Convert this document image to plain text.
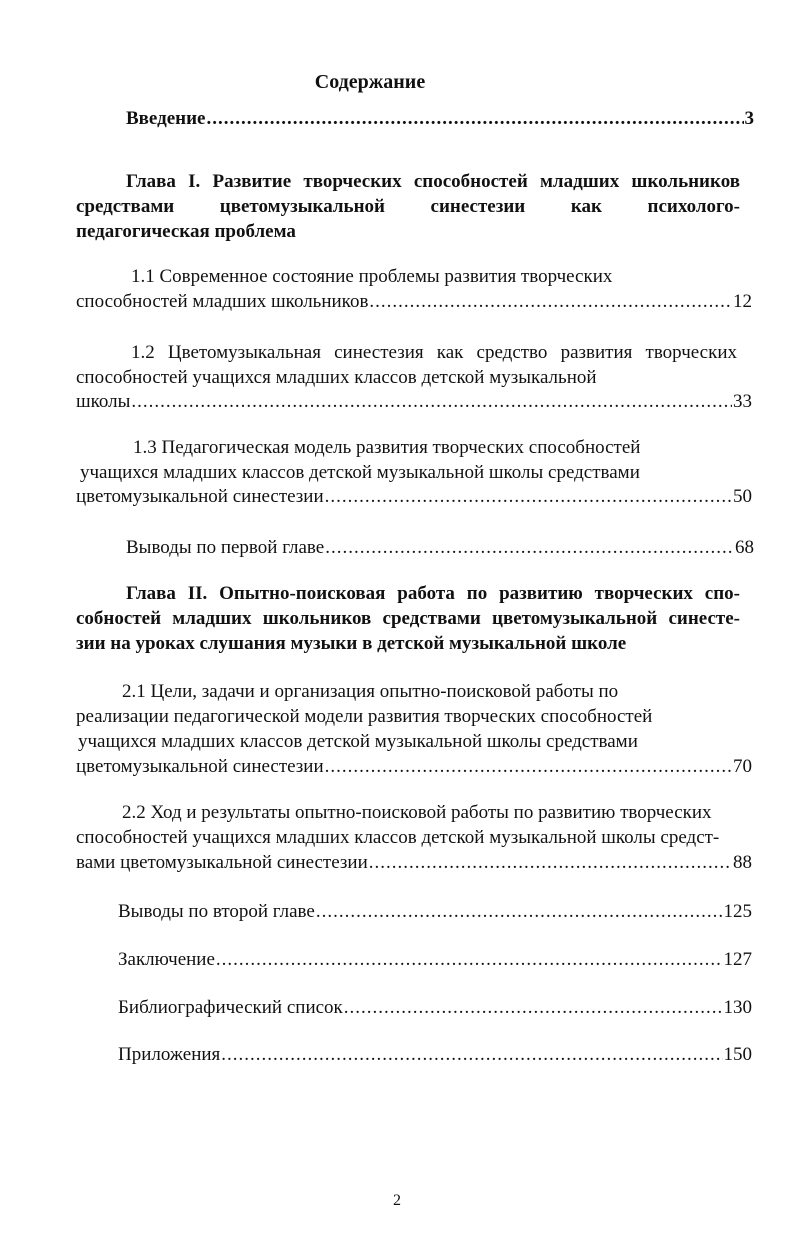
Содержание
Введение .....	3
Глава I. Развитие творческих способностей младших школьников
средствами цветомузыкальной синестезии как психолого-
педагогическая проблема
1.1 Современное состояние проблемы развития творческих
способностей младших школьников .....	12
1.2 Цветомузыкальная синестезия как средство развития творческих
способностей учащихся младших классов детской музыкальной
школы .....	33
1.3 Педагогическая модель развития творческих способностей
учащихся младших классов детской музыкальной школы средствами
цветомузыкальной синестезии .....	50
Выводы по первой главе .....	68
Глава II. Опытно-поисковая работа по развитию творческих спо-
собностей младших школьников средствами цветомузыкальной синесте-
зии на уроках слушания музыки в детской музыкальной школе
2.1 Цели, задачи и организация опытно-поисковой работы по
реализации педагогической модели развития творческих способностей
учащихся младших классов детской музыкальной школы средствами
цветомузыкальной синестезии .....	70
2.2 Ход и результаты опытно-поисковой работы по развитию творческих
способностей учащихся младших классов детской музыкальной школы средст-
вами цветомузыкальной синестезии .....	88
Выводы по второй главе .....	125
Заключение .....	127
Библиографический список .....	130
Приложения .....	150
2
